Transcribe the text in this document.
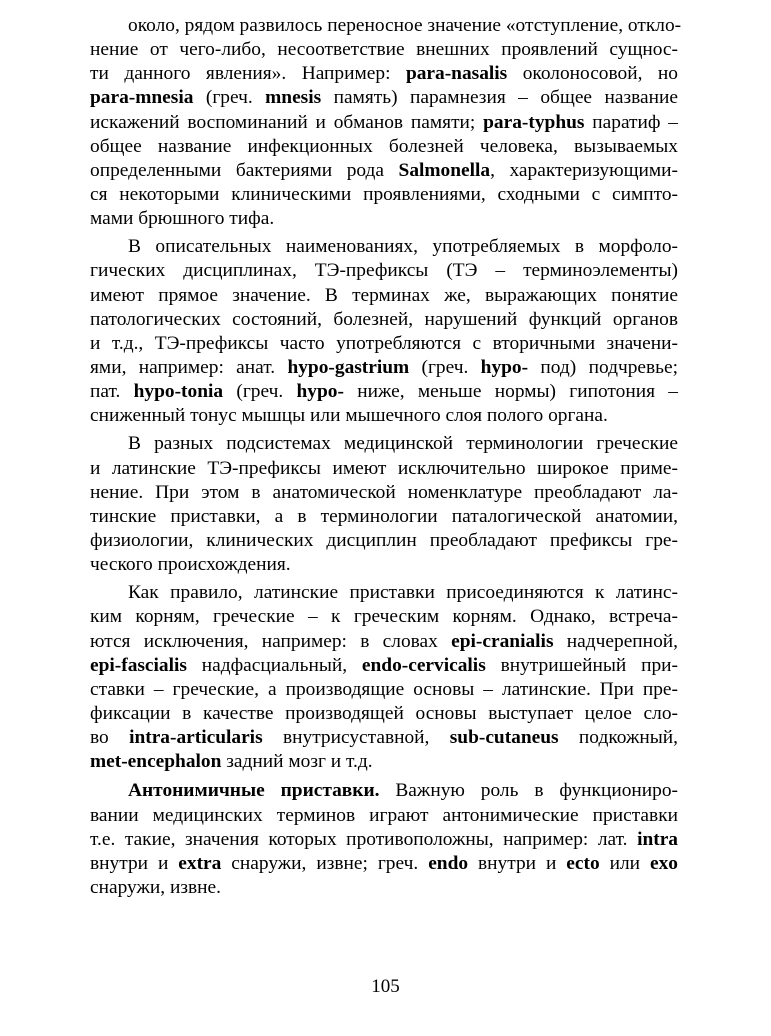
около, рядом развилось переносное значение «отступление, откло-
нение от чего-либо, несоответствие внешних проявлений сущнос-
ти данного явления». Например: para-nasalis околоносовой, но
para-mnesia (греч. mnesis память) парамнезия – общее название
искажений воспоминаний и обманов памяти; para-typhus паратиф –
общее название инфекционных болезней человека, вызываемых
определенными бактериями рода Salmonella, характеризующими-
ся некоторыми клиническими проявлениями, сходными с симпто-
мами брюшного тифа.
В описательных наименованиях, употребляемых в морфоло-
гических дисциплинах, ТЭ-префиксы (ТЭ – терминоэлементы)
имеют прямое значение. В терминах же, выражающих понятие
патологических состояний, болезней, нарушений функций органов
и т.д., ТЭ-префиксы часто употребляются с вторичными значени-
ями, например: анат. hypo-gastrium (греч. hypo- под) подчревье;
пат. hypo-tonia (греч. hypo- ниже, меньше нормы) гипотония –
сниженный тонус мышцы или мышечного слоя полого органа.
В разных подсистемах медицинской терминологии греческие
и латинские ТЭ-префиксы имеют исключительно широкое приме-
нение. При этом в анатомической номенклатуре преобладают ла-
тинские приставки, а в терминологии паталогической анатомии,
физиологии, клинических дисциплин преобладают префиксы гре-
ческого происхождения.
Как правило, латинские приставки присоединяются к латинс-
ким корням, греческие – к греческим корням. Однако, встреча-
ются исключения, например: в словах epi-cranialis надчерепной,
epi-fascialis надфасциальный, endo-cervicalis внутришейный при-
ставки – греческие, а производящие основы – латинские. При пре-
фиксации в качестве производящей основы выступает целое сло-
во intra-articularis внутрисуставной, sub-cutaneus подкожный,
met-encephalon задний мозг и т.д.
Антонимичные приставки. Важную роль в функциониро-
вании медицинских терминов играют антонимические приставки
т.е. такие, значения которых противоположны, например: лат. intra
внутри и extra снаружи, извне; греч. endo внутри и ecto или exo
снаружи, извне.
105
